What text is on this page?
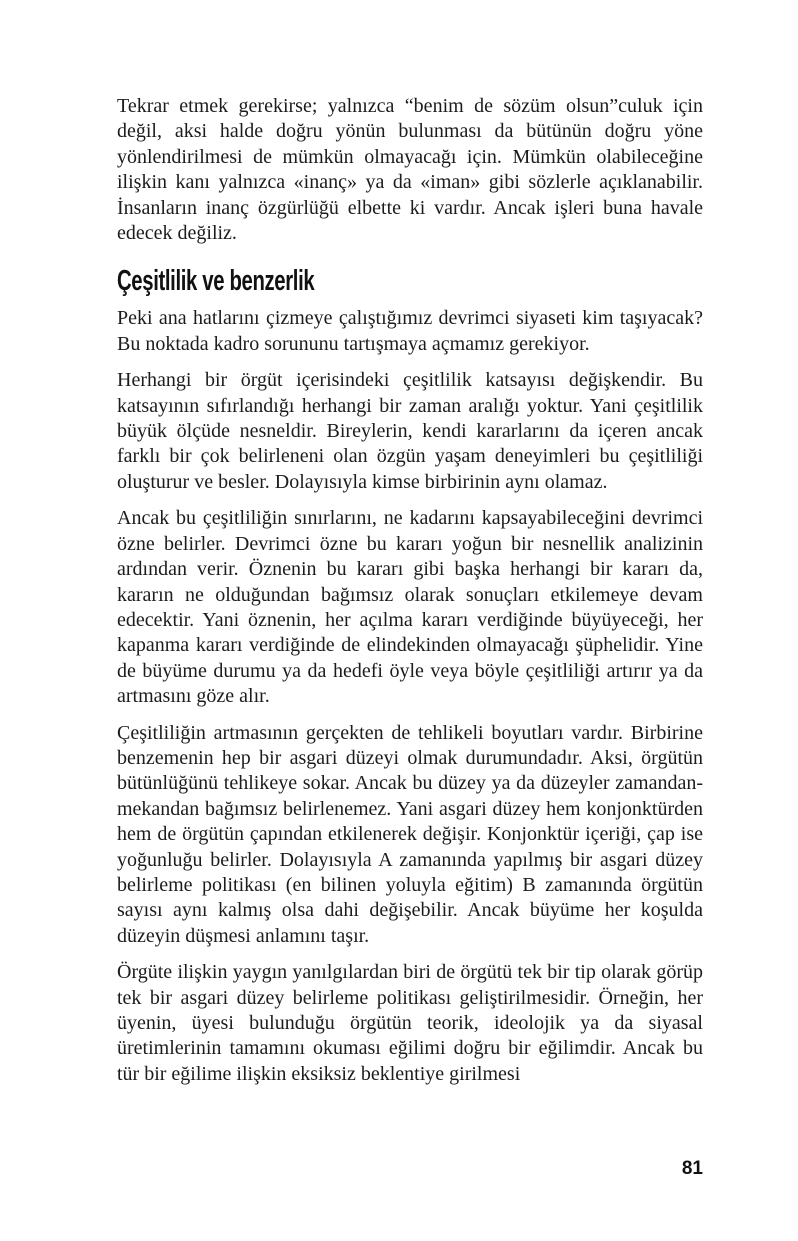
Tekrar etmek gerekirse; yalnızca “benim de sözüm olsun”culuk için değil, aksi halde doğru yönün bulunması da bütünün doğru yöne yönlendirilmesi de mümkün olmayacağı için. Mümkün olabileceğine ilişkin kanı yalnızca «inanç» ya da «iman» gibi sözlerle açıklanabilir. İnsanların inanç özgürlüğü elbette ki vardır. Ancak işleri buna havale edecek değiliz.

Çeşitlilik ve benzerlik

Peki ana hatlarını çizmeye çalıştığımız devrimci siyaseti kim taşıyacak? Bu noktada kadro sorununu tartışmaya açmamız gerekiyor.

Herhangi bir örgüt içerisindeki çeşitlilik katsayısı değişkendir. Bu katsayının sıfırlandığı herhangi bir zaman aralığı yoktur. Yani çeşitlilik büyük ölçüde nesneldir. Bireylerin, kendi kararlarını da içeren ancak farklı bir çok belirleneni olan özgün yaşam deneyimleri bu çeşitliliği oluşturur ve besler. Dolayısıyla kimse birbirinin aynı olamaz.

Ancak bu çeşitliliğin sınırlarını, ne kadarını kapsayabileceğini devrimci özne belirler. Devrimci özne bu kararı yoğun bir nesnellik analizinin ardından verir. Öznenin bu kararı gibi başka herhangi bir kararı da, kararın ne olduğundan bağımsız olarak sonuçları etkilemeye devam edecektir. Yani öznenin, her açılma kararı verdiğinde büyüyeceği, her kapanma kararı verdiğinde de elindekinden olmayacağı şüphelidir. Yine de büyüme durumu ya da hedefi öyle veya böyle çeşitliliği artırır ya da artmasını göze alır.

Çeşitliliğin artmasının gerçekten de tehlikeli boyutları vardır. Birbirine benzemenin hep bir asgari düzeyi olmak durumundadır. Aksi, örgütün bütünlüğünü tehlikeye sokar. Ancak bu düzey ya da düzeyler zamandan-mekandan bağımsız belirlenemez. Yani asgari düzey hem konjonktürden hem de örgütün çapından etkilenerek değişir. Konjonktür içeriği, çap ise yoğunluğu belirler. Dolayısıyla A zamanında yapılmış bir asgari düzey belirleme politikası (en bilinen yoluyla eğitim) B zamanında örgütün sayısı aynı kalmış olsa dahi değişebilir. Ancak büyüme her koşulda düzeyin düşmesi anlamını taşır.

Örgüte ilişkin yaygın yanılgılardan biri de örgütü tek bir tip olarak görüp tek bir asgari düzey belirleme politikası geliştirilmesidir. Örneğin, her üyenin, üyesi bulunduğu örgütün teorik, ideolojik ya da siyasal üretimlerinin tamamını okuması eğilimi doğru bir eğilimdir. Ancak bu tür bir eğilime ilişkin eksiksiz beklentiye girilmesi

81
